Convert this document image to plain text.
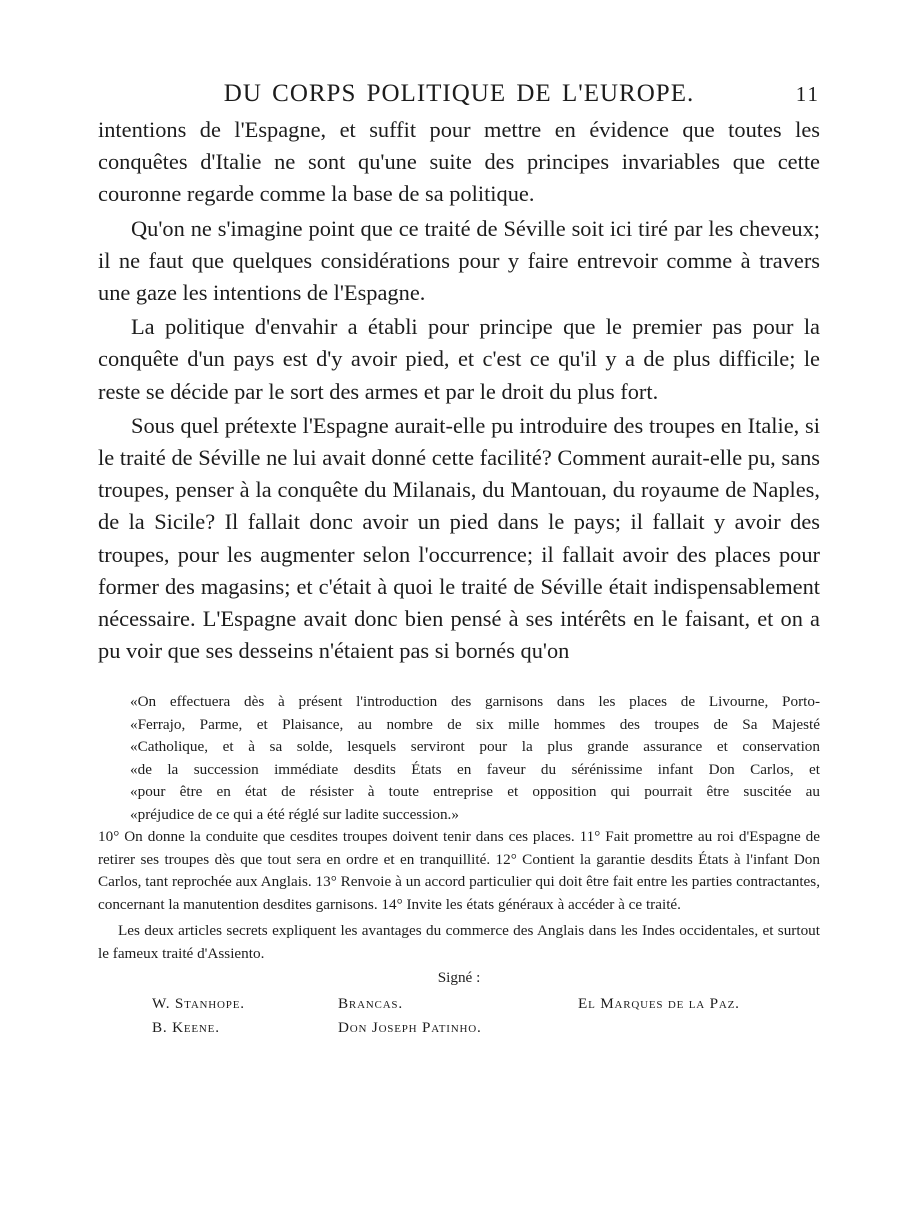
DU CORPS POLITIQUE DE L'EUROPE.	11

intentions de l'Espagne, et suffit pour mettre en évidence que toutes les conquêtes d'Italie ne sont qu'une suite des principes invariables que cette couronne regarde comme la base de sa politique.

Qu'on ne s'imagine point que ce traité de Séville soit ici tiré par les cheveux; il ne faut que quelques considérations pour y faire entrevoir comme à travers une gaze les intentions de l'Espagne.

La politique d'envahir a établi pour principe que le premier pas pour la conquête d'un pays est d'y avoir pied, et c'est ce qu'il y a de plus difficile; le reste se décide par le sort des armes et par le droit du plus fort.

Sous quel prétexte l'Espagne aurait-elle pu introduire des troupes en Italie, si le traité de Séville ne lui avait donné cette facilité? Comment aurait-elle pu, sans troupes, penser à la conquête du Milanais, du Mantouan, du royaume de Naples, de la Sicile? Il fallait donc avoir un pied dans le pays; il fallait y avoir des troupes, pour les augmenter selon l'occurrence; il fallait avoir des places pour former des magasins; et c'était à quoi le traité de Séville était indispensablement nécessaire. L'Espagne avait donc bien pensé à ses intérêts en le faisant, et on a pu voir que ses desseins n'étaient pas si bornés qu'on

«On effectuera dès à présent l'introduction des garnisons dans les places de Livourne, Porto-
«Ferrajo, Parme, et Plaisance, au nombre de six mille hommes des troupes de Sa Majesté
«Catholique, et à sa solde, lesquels serviront pour la plus grande assurance et conservation
«de la succession immédiate desdits États en faveur du sérénissime infant Don Carlos, et
«pour être en état de résister à toute entreprise et opposition qui pourrait être suscitée au
«préjudice de ce qui a été réglé sur ladite succession.»

10° On donne la conduite que cesdites troupes doivent tenir dans ces places. 11° Fait promettre au roi d'Espagne de retirer ses troupes dès que tout sera en ordre et en tranquillité. 12° Contient la garantie desdits États à l'infant Don Carlos, tant reprochée aux Anglais. 13° Renvoie à un accord particulier qui doit être fait entre les parties contractantes, concernant la manutention desdites garnisons. 14° Invite les états généraux à accéder à ce traité.

Les deux articles secrets expliquent les avantages du commerce des Anglais dans les Indes occidentales, et surtout le fameux traité d'Assiento.

Signé :
W. Stanhope.
B. Keene.
Brancas.
Don Joseph Patinho.
El Marques de la Paz.
